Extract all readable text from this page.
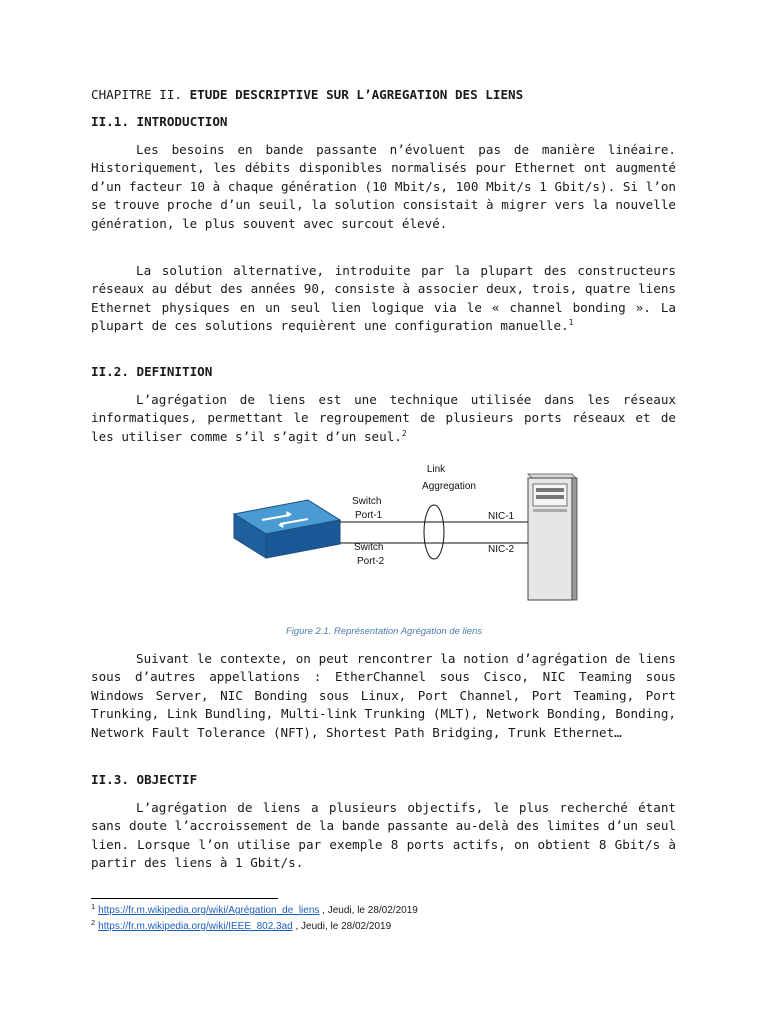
CHAPITRE II. ETUDE DESCRIPTIVE SUR L’AGREGATION DES LIENS

II.1. INTRODUCTION

Les besoins en bande passante n’évoluent pas de manière linéaire. Historiquement, les débits disponibles normalisés pour Ethernet ont augmenté d’un facteur 10 à chaque génération (10 Mbit/s, 100 Mbit/s 1 Gbit/s). Si l’on se trouve proche d’un seuil, la solution consistait à migrer vers la nouvelle génération, le plus souvent avec surcout élevé.

La solution alternative, introduite par la plupart des constructeurs réseaux au début des années 90, consiste à associer deux, trois, quatre liens Ethernet physiques en un seul lien logique via le « channel bonding ». La plupart de ces solutions requièrent une configuration manuelle.$^1$

II.2. DEFINITION

L’agrégation de liens est une technique utilisée dans les réseaux informatiques, permettant le regroupement de plusieurs ports réseaux et de les utiliser comme s’il s’agit d’un seul.$^2$

Link
Aggregation
Switch
Port-1
Switch
Port-2
NIC-1
NIC-2
Figure 2.1. Représentation Agrégation de liens

Suivant le contexte, on peut rencontrer la notion d’agrégation de liens sous d’autres appellations : EtherChannel sous Cisco, NIC Teaming sous Windows Server, NIC Bonding sous Linux, Port Channel, Port Teaming, Port Trunking, Link Bundling, Multi-link Trunking (MLT), Network Bonding, Bonding, Network Fault Tolerance (NFT), Shortest Path Bridging, Trunk Ethernet…

II.3. OBJECTIF

L’agrégation de liens a plusieurs objectifs, le plus recherché étant sans doute l’accroissement de la bande passante au-delà des limites d’un seul lien. Lorsque l’on utilise par exemple 8 ports actifs, on obtient 8 Gbit/s à partir des liens à 1 Gbit/s.

$^1$ https://fr.m.wikipedia.org/wiki/Agrégation_de_liens , Jeudi, le 28/02/2019
$^2$ https://fr.m.wikipedia.org/wiki/IEEE_802.3ad , Jeudi, le 28/02/2019
